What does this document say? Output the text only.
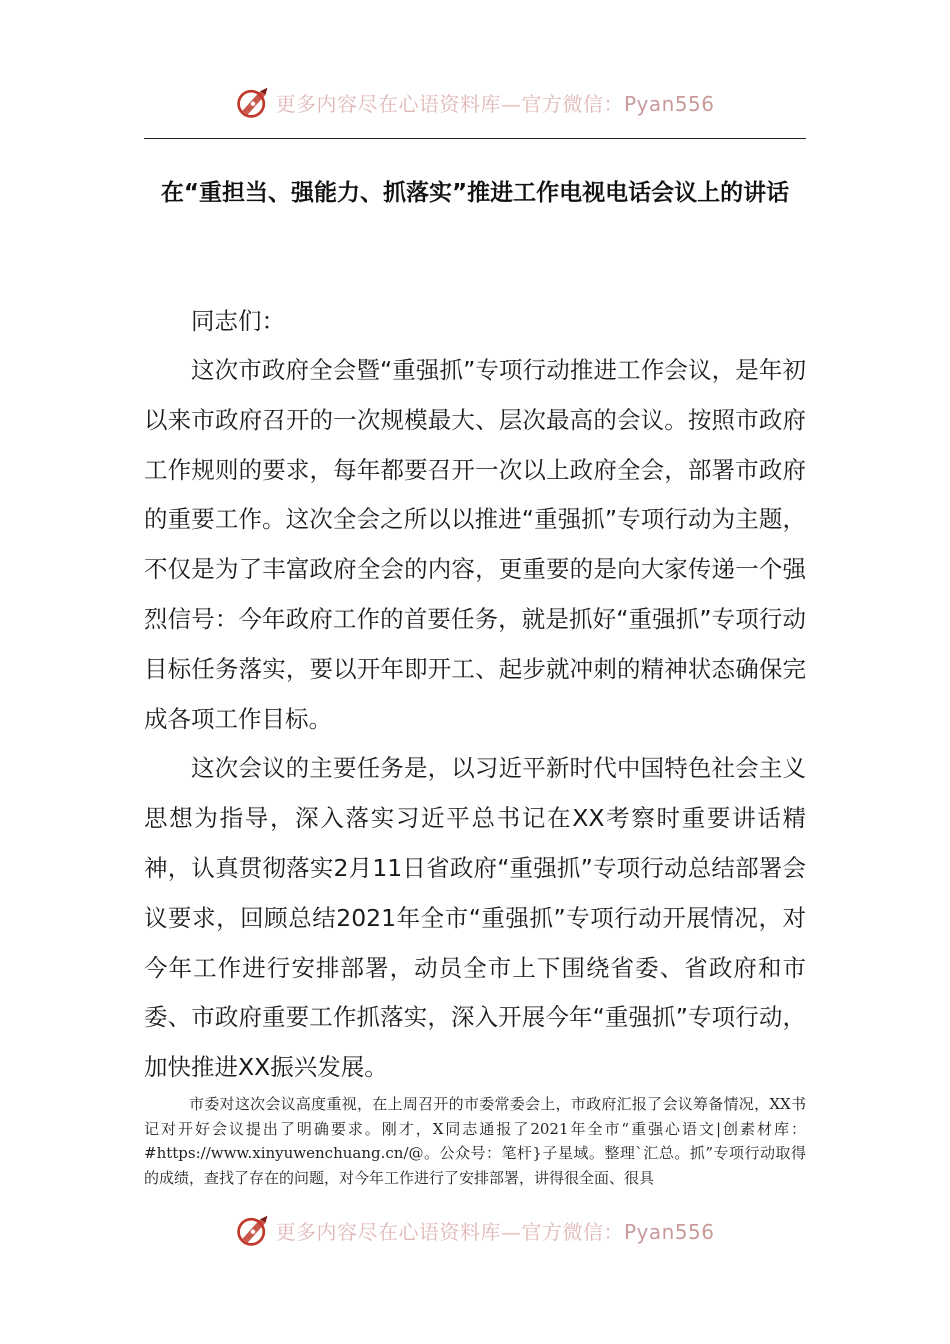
更多内容尽在心语资料库—官方微信：Pyan556
在“重担当、强能力、抓落实”推进工作电视电话会议上的讲话

同志们：

这次市政府全会暨“重强抓”专项行动推进工作会议，是年初以来市政府召开的一次规模最大、层次最高的会议。按照市政府工作规则的要求，每年都要召开一次以上政府全会，部署市政府的重要工作。这次全会之所以以推进“重强抓”专项行动为主题，不仅是为了丰富政府全会的内容，更重要的是向大家传递一个强烈信号：今年政府工作的首要任务，就是抓好“重强抓”专项行动目标任务落实，要以开年即开工、起步就冲刺的精神状态确保完成各项工作目标。

这次会议的主要任务是，以习近平新时代中国特色社会主义思想为指导，深入落实习近平总书记在XX考察时重要讲话精神，认真贯彻落实2月11日省政府“重强抓”专项行动总结部署会议要求，回顾总结2021年全市“重强抓”专项行动开展情况，对今年工作进行安排部署，动员全市上下围绕省委、省政府和市委、市政府重要工作抓落实，深入开展今年“重强抓”专项行动，加快推进XX振兴发展。

市委对这次会议高度重视，在上周召开的市委常委会上，市政府汇报了会议筹备情况，XX书记对开好会议提出了明确要求。刚才，X同志通报了2021年全市“重强心语文|创素材库：#https://www.xinyuwenchuang.cn/@。公众号：笔杆}子星域。整理`汇总。抓”专项行动取得的成绩，查找了存在的问题，对今年工作进行了安排部署，讲得很全面、很具

更多内容尽在心语资料库—官方微信：Pyan556
